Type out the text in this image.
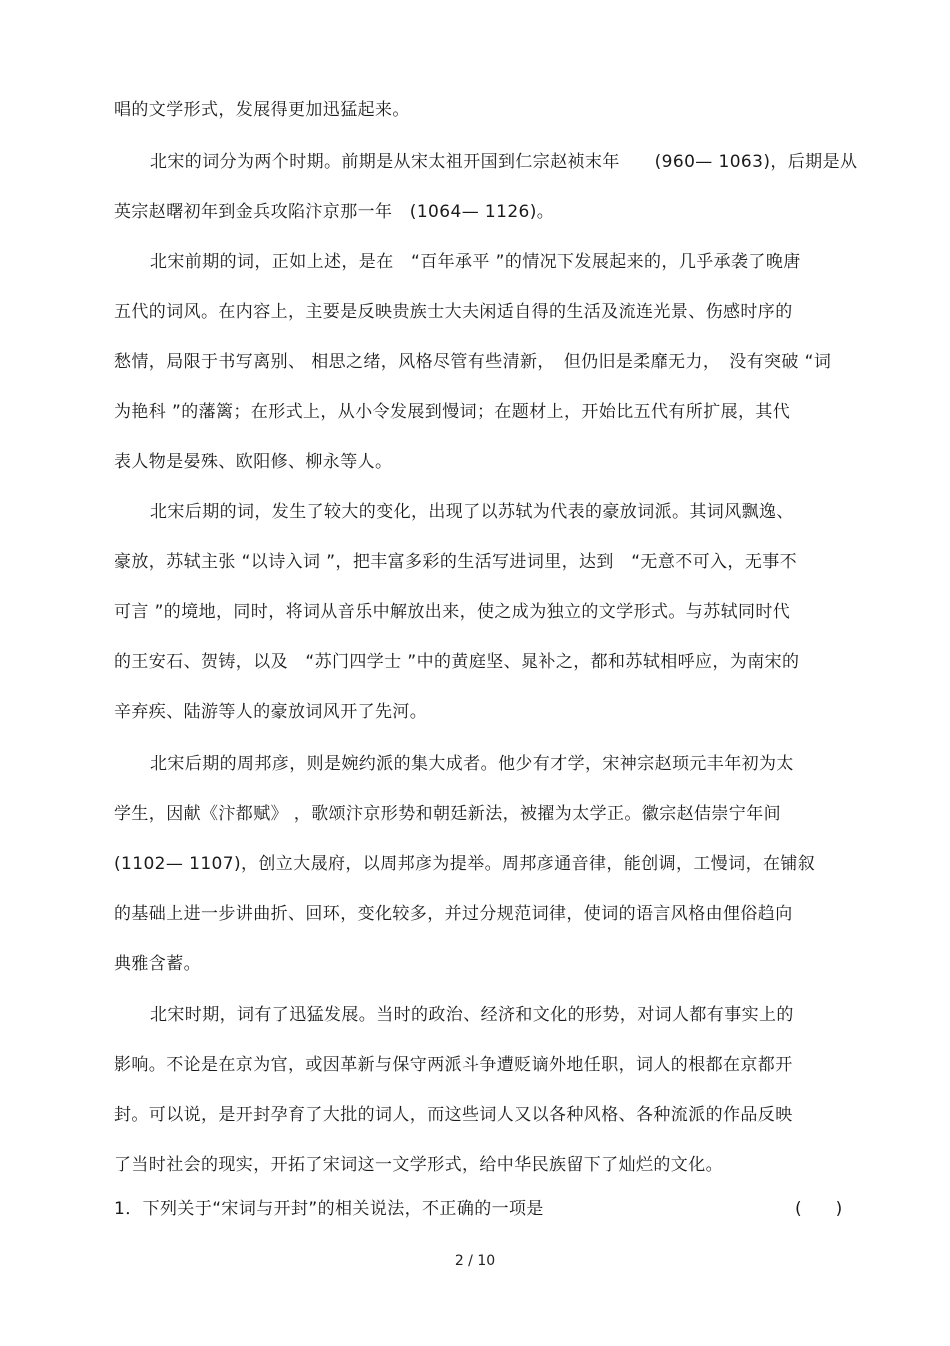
唱的文学形式，发展得更加迅猛起来。
北宋的词分为两个时期。前期是从宋太祖开国到仁宗赵祯末年　　(960— 1063)，后期是从
英宗赵曙初年到金兵攻陷汴京那一年　(1064— 1126)。
北宋前期的词，正如上述，是在　“百年承平 ”的情况下发展起来的，几乎承袭了晚唐
五代的词风。在内容上，主要是反映贵族士大夫闲适自得的生活及流连光景、伤感时序的
愁情，局限于书写离别、 相思之绪，风格尽管有些清新，　但仍旧是柔靡无力，　没有突破 “词
为艳科 ”的藩篱；在形式上，从小令发展到慢词；在题材上，开始比五代有所扩展，其代
表人物是晏殊、欧阳修、柳永等人。
北宋后期的词，发生了较大的变化，出现了以苏轼为代表的豪放词派。其词风飘逸、
豪放，苏轼主张 “以诗入词 ”，把丰富多彩的生活写进词里，达到　“无意不可入，无事不
可言 ”的境地，同时，将词从音乐中解放出来，使之成为独立的文学形式。与苏轼同时代
的王安石、贺铸，以及　“苏门四学士 ”中的黄庭坚、晁补之，都和苏轼相呼应，为南宋的
辛弃疾、陆游等人的豪放词风开了先河。
北宋后期的周邦彦，则是婉约派的集大成者。他少有才学，宋神宗赵顼元丰年初为太
学生，因献《汴都赋》 ，歌颂汴京形势和朝廷新法，被擢为太学正。徽宗赵佶崇宁年间
(1102— 1107)，创立大晟府，以周邦彦为提举。周邦彦通音律，能创调，工慢词，在铺叙
的基础上进一步讲曲折、回环，变化较多，并过分规范词律，使词的语言风格由俚俗趋向
典雅含蓄。
北宋时期，词有了迅猛发展。当时的政治、经济和文化的形势，对词人都有事实上的
影响。不论是在京为官，或因革新与保守两派斗争遭贬谪外地任职，词人的根都在京都开
封。可以说，是开封孕育了大批的词人，而这些词人又以各种风格、各种流派的作品反映
了当时社会的现实，开拓了宋词这一文学形式，给中华民族留下了灿烂的文化。
1．下列关于“宋词与开封”的相关说法，不正确的一项是	(　　)
2 / 10
